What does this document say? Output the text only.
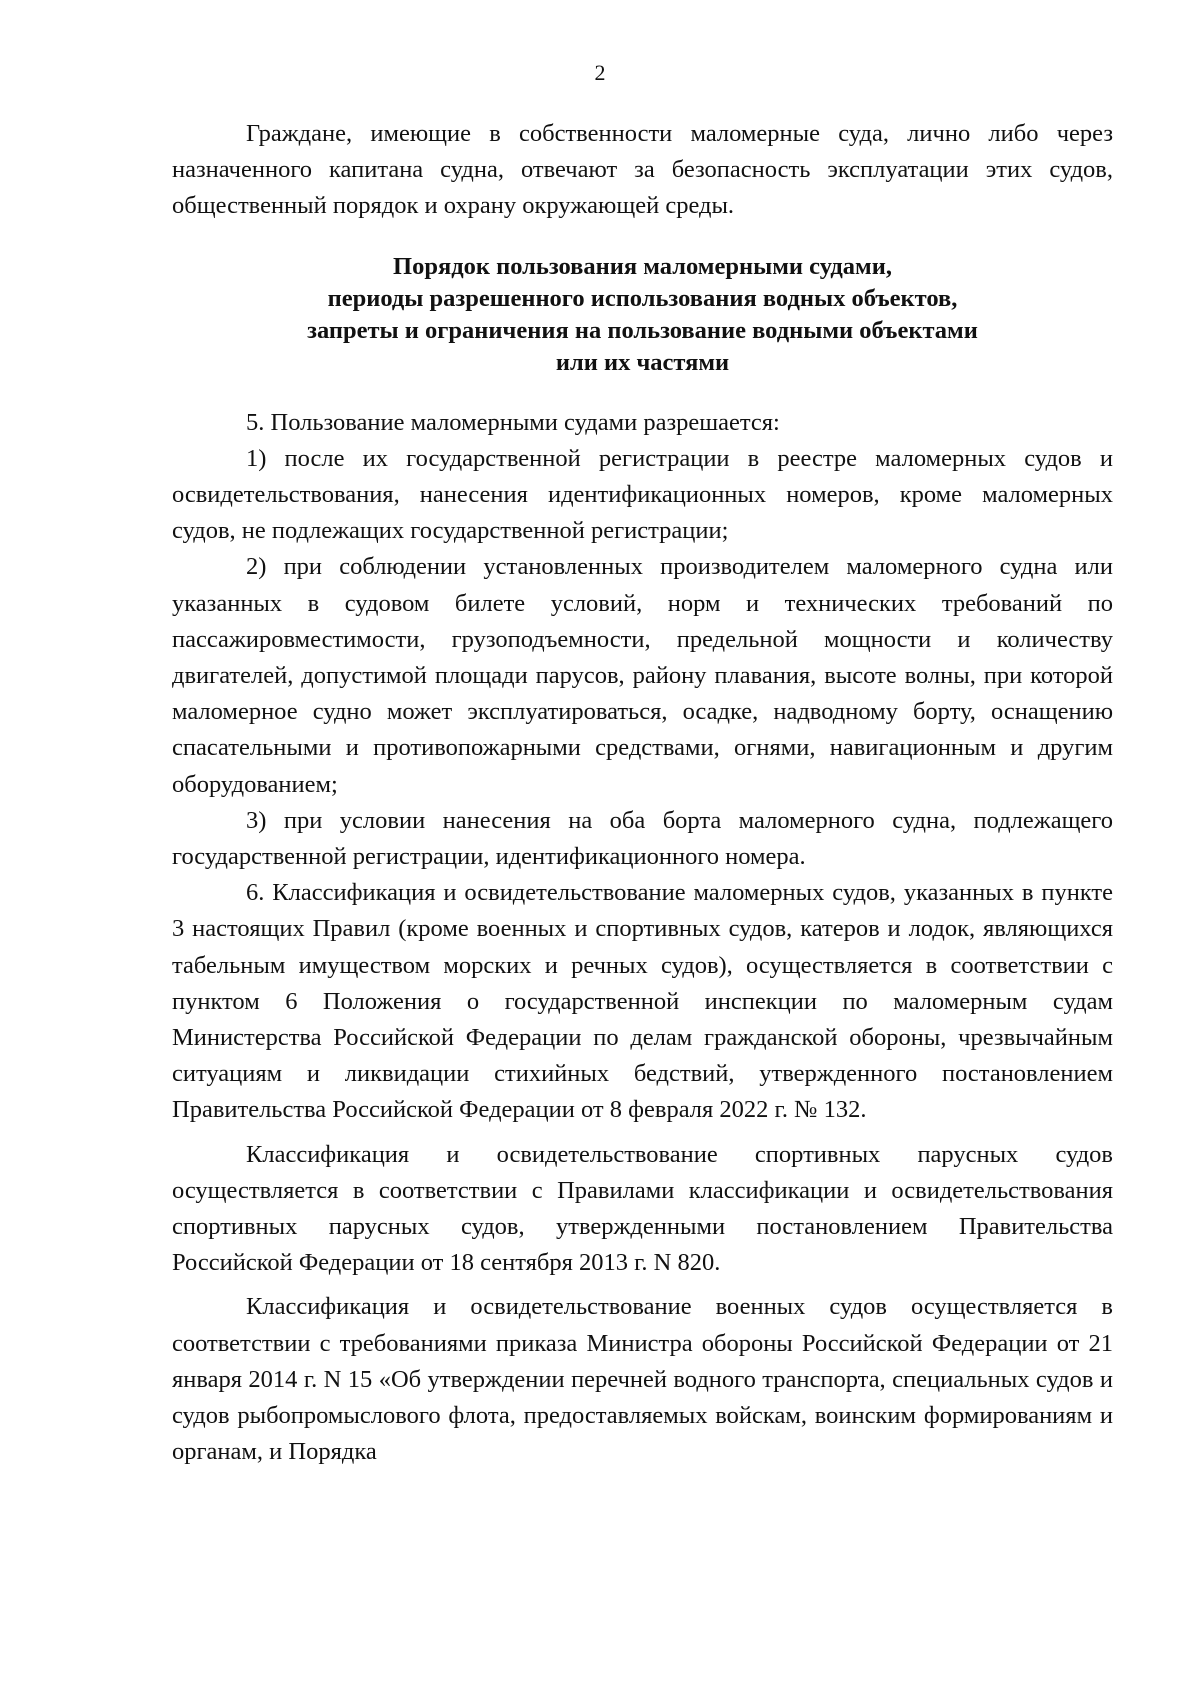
2

Граждане, имеющие в собственности маломерные суда, лично либо через назначенного капитана судна, отвечают за безопасность эксплуатации этих судов, общественный порядок и охрану окружающей среды.

Порядок пользования маломерными судами,
периоды разрешенного использования водных объектов,
запреты и ограничения на пользование водными объектами
или их частями

5. Пользование маломерными судами разрешается:

1) после их государственной регистрации в реестре маломерных судов и освидетельствования, нанесения идентификационных номеров, кроме маломерных судов, не подлежащих государственной регистрации;

2) при соблюдении установленных производителем маломерного судна или указанных в судовом билете условий, норм и технических требований по пассажировместимости, грузоподъемности, предельной мощности и количеству двигателей, допустимой площади парусов, району плавания, высоте волны, при которой маломерное судно может эксплуатироваться, осадке, надводному борту, оснащению спасательными и противопожарными средствами, огнями, навигационным и другим оборудованием;

3) при условии нанесения на оба борта маломерного судна, подлежащего государственной регистрации, идентификационного номера.

6. Классификация и освидетельствование маломерных судов, указанных в пункте 3 настоящих Правил (кроме военных и спортивных судов, катеров и лодок, являющихся табельным имуществом морских и речных судов), осуществляется в соответствии с пунктом 6 Положения о государственной инспекции по маломерным судам Министерства Российской Федерации по делам гражданской обороны, чрезвычайным ситуациям и ликвидации стихийных бедствий, утвержденного постановлением Правительства Российской Федерации от 8 февраля 2022 г. № 132.

Классификация и освидетельствование спортивных парусных судов осуществляется в соответствии с Правилами классификации и освидетельствования спортивных парусных судов, утвержденными постановлением Правительства Российской Федерации от 18 сентября 2013 г. N 820.

Классификация и освидетельствование военных судов осуществляется в соответствии с требованиями приказа Министра обороны Российской Федерации от 21 января 2014 г. N 15 «Об утверждении перечней водного транспорта, специальных судов и судов рыбопромыслового флота, предоставляемых войскам, воинским формированиям и органам, и Порядка
